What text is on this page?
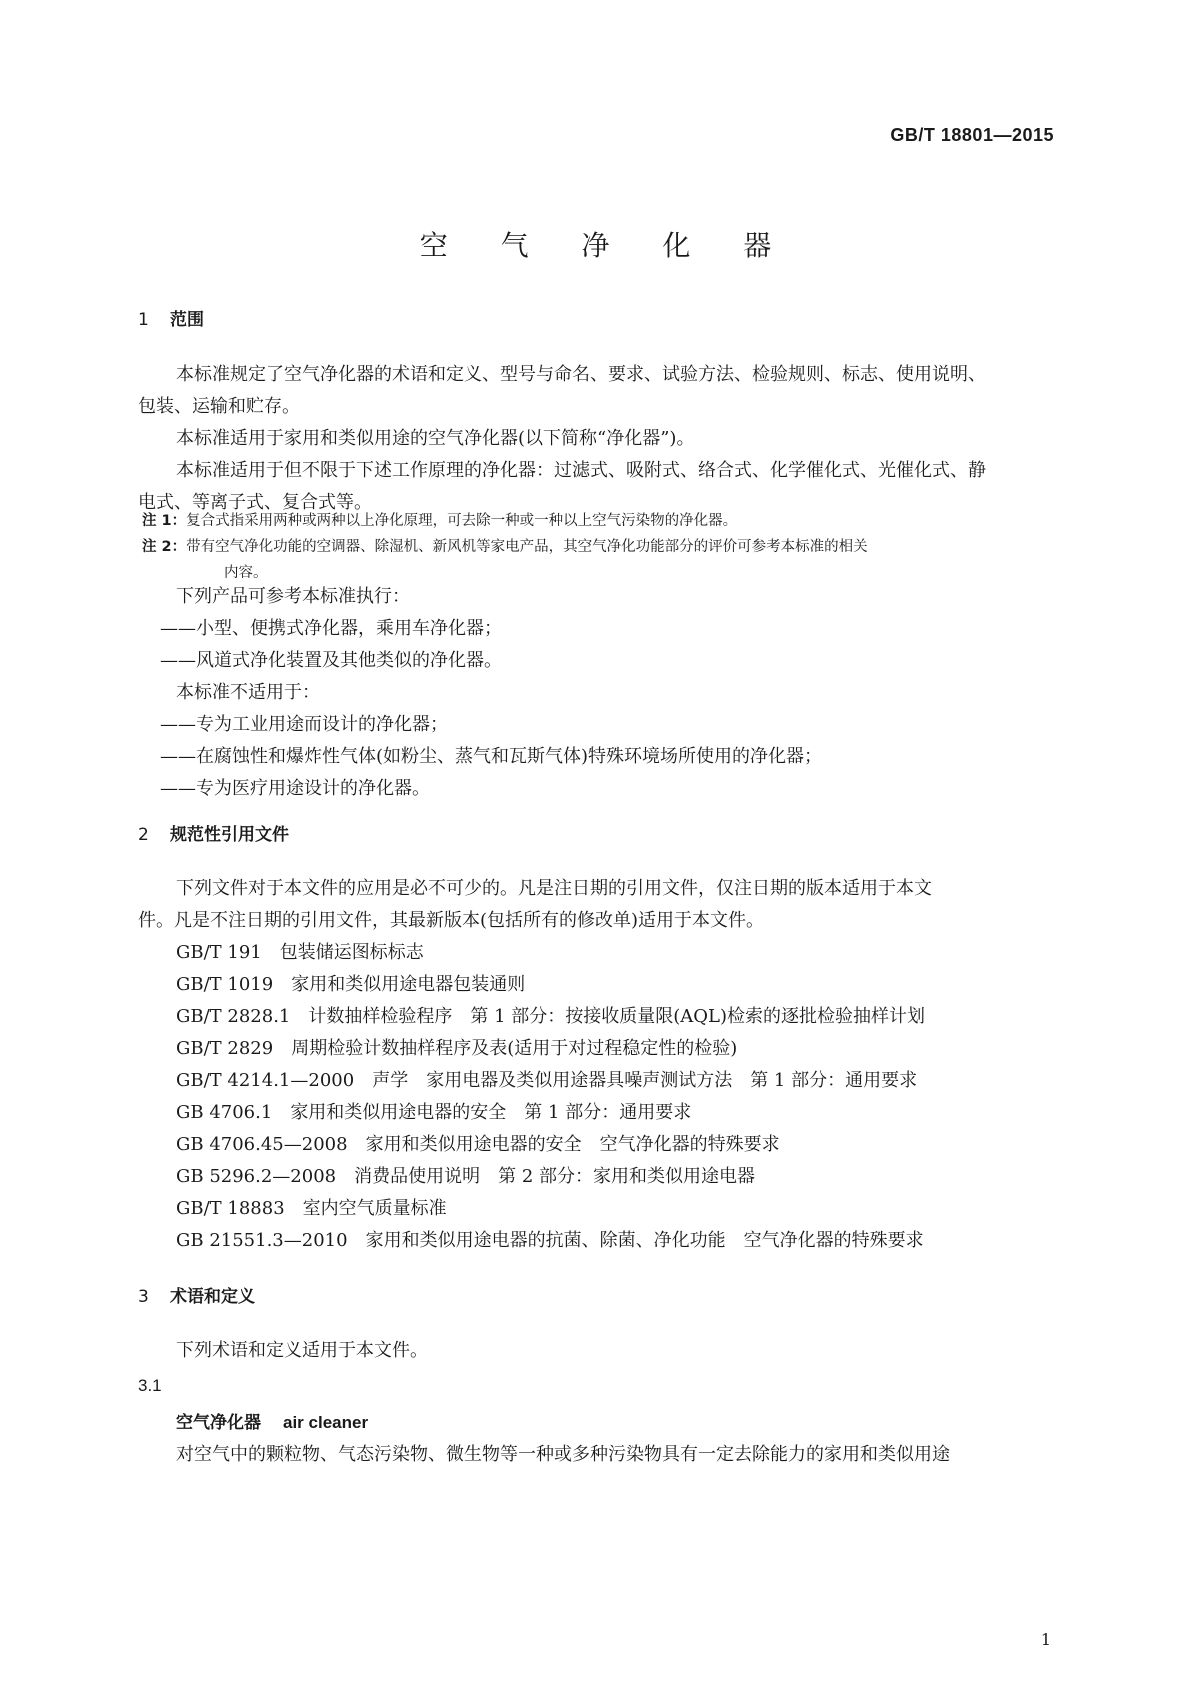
GB/T 18801—2015
空 气 净 化 器
1 范围
本标准规定了空气净化器的术语和定义、型号与命名、要求、试验方法、检验规则、标志、使用说明、
包装、运输和贮存。
本标准适用于家用和类似用途的空气净化器(以下简称“净化器”)。
本标准适用于但不限于下述工作原理的净化器：过滤式、吸附式、络合式、化学催化式、光催化式、静
电式、等离子式、复合式等。
注 1：复合式指采用两种或两种以上净化原理，可去除一种或一种以上空气污染物的净化器。
注 2：带有空气净化功能的空调器、除湿机、新风机等家电产品，其空气净化功能部分的评价可参考本标准的相关
内容。
下列产品可参考本标准执行：
——小型、便携式净化器，乘用车净化器；
——风道式净化装置及其他类似的净化器。
本标准不适用于：
——专为工业用途而设计的净化器；
——在腐蚀性和爆炸性气体(如粉尘、蒸气和瓦斯气体)特殊环境场所使用的净化器；
——专为医疗用途设计的净化器。
2 规范性引用文件
下列文件对于本文件的应用是必不可少的。凡是注日期的引用文件，仅注日期的版本适用于本文
件。凡是不注日期的引用文件，其最新版本(包括所有的修改单)适用于本文件。
GB/T 191 包装储运图标标志
GB/T 1019 家用和类似用途电器包装通则
GB/T 2828.1 计数抽样检验程序　第 1 部分：按接收质量限(AQL)检索的逐批检验抽样计划
GB/T 2829 周期检验计数抽样程序及表(适用于对过程稳定性的检验)
GB/T 4214.1—2000 声学　家用电器及类似用途器具噪声测试方法　第 1 部分：通用要求
GB 4706.1 家用和类似用途电器的安全　第 1 部分：通用要求
GB 4706.45—2008 家用和类似用途电器的安全　空气净化器的特殊要求
GB 5296.2—2008 消费品使用说明　第 2 部分：家用和类似用途电器
GB/T 18883 室内空气质量标准
GB 21551.3—2010 家用和类似用途电器的抗菌、除菌、净化功能　空气净化器的特殊要求
3 术语和定义
下列术语和定义适用于本文件。
3.1
空气净化器 air cleaner
对空气中的颗粒物、气态污染物、微生物等一种或多种污染物具有一定去除能力的家用和类似用途
1
